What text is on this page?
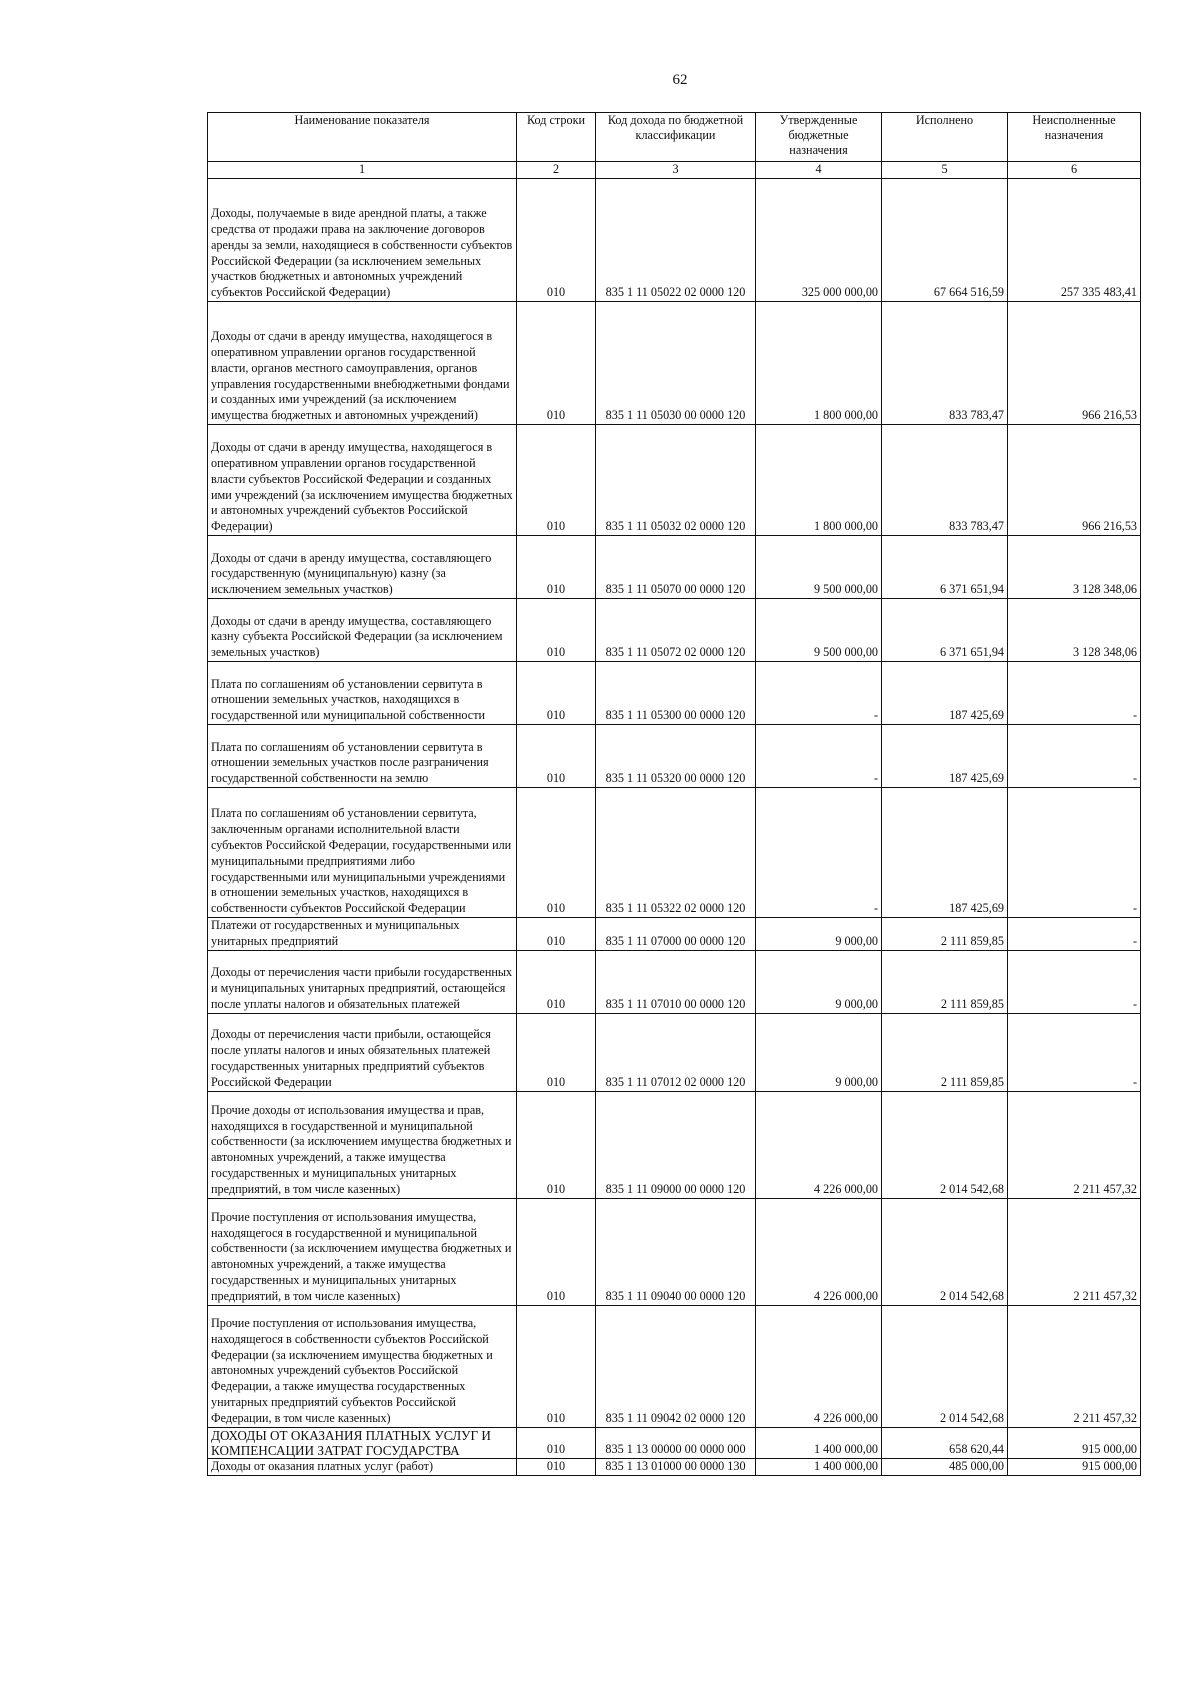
62
Наименование показателя	Код строки	Код дохода по бюджетной классификации	Утвержденные бюджетные назначения	Исполнено	Неисполненные назначения
1	2	3	4	5	6
Доходы, получаемые в виде арендной платы, а также средства от продажи права на заключение договоров аренды за земли, находящиеся в собственности субъектов Российской Федерации (за исключением земельных участков бюджетных и автономных учреждений субъектов Российской Федерации)	010	835 1 11 05022 02 0000 120	325 000 000,00	67 664 516,59	257 335 483,41
Доходы от сдачи в аренду имущества, находящегося в оперативном управлении органов государственной власти, органов местного самоуправления, органов управления государственными внебюджетными фондами и созданных ими учреждений (за исключением имущества бюджетных и автономных учреждений)	010	835 1 11 05030 00 0000 120	1 800 000,00	833 783,47	966 216,53
Доходы от сдачи в аренду имущества, находящегося в оперативном управлении органов государственной власти субъектов Российской Федерации и созданных ими учреждений (за исключением имущества бюджетных и автономных учреждений субъектов Российской Федерации)	010	835 1 11 05032 02 0000 120	1 800 000,00	833 783,47	966 216,53
Доходы от сдачи в аренду имущества, составляющего государственную (муниципальную) казну (за исключением земельных участков)	010	835 1 11 05070 00 0000 120	9 500 000,00	6 371 651,94	3 128 348,06
Доходы от сдачи в аренду имущества, составляющего казну субъекта Российской Федерации (за исключением земельных участков)	010	835 1 11 05072 02 0000 120	9 500 000,00	6 371 651,94	3 128 348,06
Плата по соглашениям об установлении сервитута в отношении земельных участков, находящихся в государственной или муниципальной собственности	010	835 1 11 05300 00 0000 120	-	187 425,69	-
Плата по соглашениям об установлении сервитута в отношении земельных участков после разграничения государственной собственности на землю	010	835 1 11 05320 00 0000 120	-	187 425,69	-
Плата по соглашениям об установлении сервитута, заключенным органами исполнительной власти субъектов Российской Федерации, государственными или муниципальными предприятиями либо государственными или муниципальными учреждениями в отношении земельных участков, находящихся в собственности субъектов Российской Федерации	010	835 1 11 05322 02 0000 120	-	187 425,69	-
Платежи от государственных и муниципальных унитарных предприятий	010	835 1 11 07000 00 0000 120	9 000,00	2 111 859,85	-
Доходы от перечисления части прибыли государственных и муниципальных унитарных предприятий, остающейся после уплаты налогов и обязательных платежей	010	835 1 11 07010 00 0000 120	9 000,00	2 111 859,85	-
Доходы от перечисления части прибыли, остающейся после уплаты налогов и иных обязательных платежей государственных унитарных предприятий субъектов Российской Федерации	010	835 1 11 07012 02 0000 120	9 000,00	2 111 859,85	-
Прочие доходы от использования имущества и прав, находящихся в государственной и муниципальной собственности (за исключением имущества бюджетных и автономных учреждений, а также имущества государственных и муниципальных унитарных предприятий, в том числе казенных)	010	835 1 11 09000 00 0000 120	4 226 000,00	2 014 542,68	2 211 457,32
Прочие поступления от использования имущества, находящегося в государственной и муниципальной собственности (за исключением имущества бюджетных и автономных учреждений, а также имущества государственных и муниципальных унитарных предприятий, в том числе казенных)	010	835 1 11 09040 00 0000 120	4 226 000,00	2 014 542,68	2 211 457,32
Прочие поступления от использования имущества, находящегося в собственности субъектов Российской Федерации (за исключением имущества бюджетных и автономных учреждений субъектов Российской Федерации, а также имущества государственных унитарных предприятий субъектов Российской Федерации, в том числе казенных)	010	835 1 11 09042 02 0000 120	4 226 000,00	2 014 542,68	2 211 457,32
ДОХОДЫ ОТ ОКАЗАНИЯ ПЛАТНЫХ УСЛУГ И КОМПЕНСАЦИИ ЗАТРАТ ГОСУДАРСТВА	010	835 1 13 00000 00 0000 000	1 400 000,00	658 620,44	915 000,00
Доходы от оказания платных услуг (работ)	010	835 1 13 01000 00 0000 130	1 400 000,00	485 000,00	915 000,00
